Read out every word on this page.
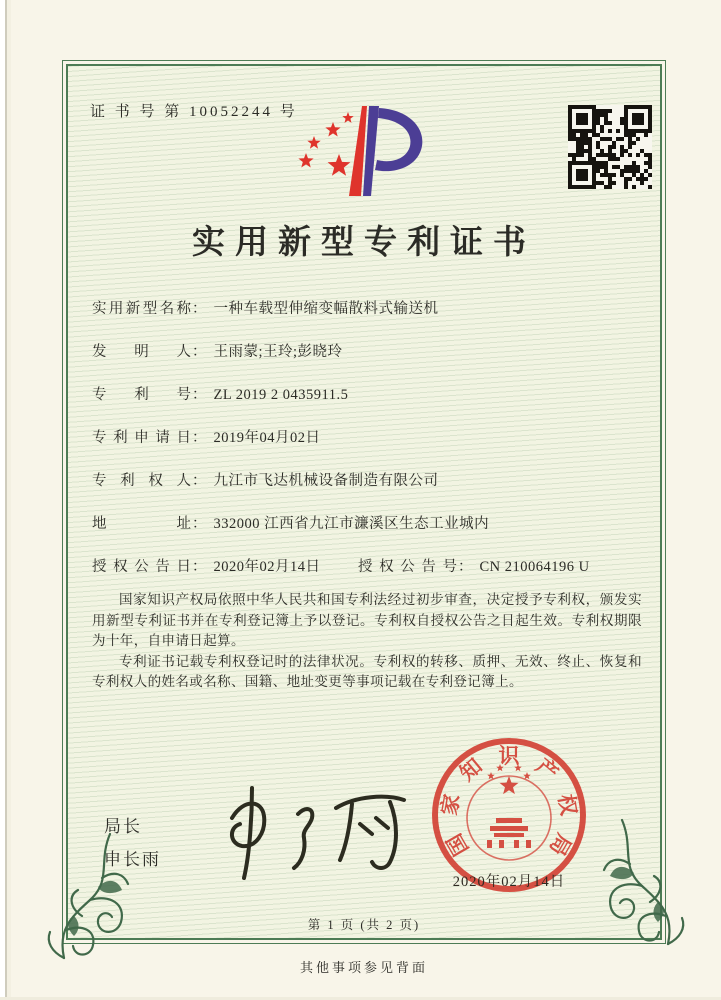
证 书 号 第 10052244 号
实用新型专利证书
实用新型名称 ： 一种车载型伸缩变幅散料式输送机
发明人 ： 王雨蒙;王玲;彭晓玲
专利号 ： ZL 2019 2 0435911.5
专利申请日 ： 2019年04月02日
专利权人 ： 九江市飞达机械设备制造有限公司
地址 ： 332000 江西省九江市濂溪区生态工业城内
授权公告日 ： 2020年02月14日	授权公告号 ： CN 210064196 U

国家知识产权局依照中华人民共和国专利法经过初步审查，决定授予专利权，颁发实用新型专利证书并在专利登记簿上予以登记。专利权自授权公告之日起生效。专利权期限为十年，自申请日起算。

专利证书记载专利权登记时的法律状况。专利权的转移、质押、无效、终止、恢复和专利权人的姓名或名称、国籍、地址变更等事项记载在专利登记簿上。

局长
申长雨	国
家
知 识 产
权
局
2020年02月14日
第 1 页 (共 2 页)
其他事项参见背面
